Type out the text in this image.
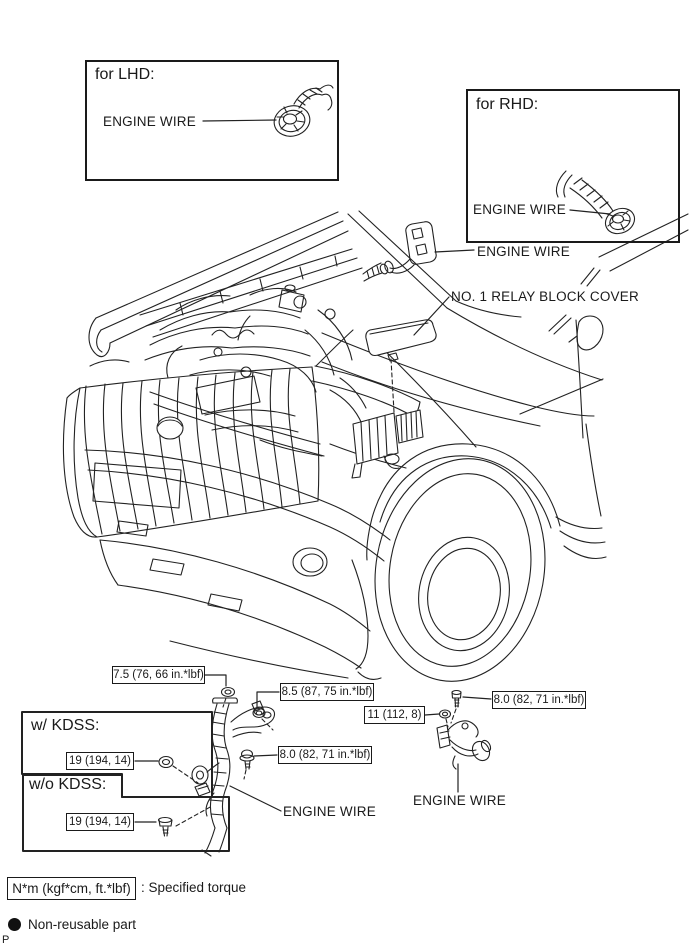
for LHD:
ENGINE WIRE
for RHD:
ENGINE WIRE
ENGINE WIRE
NO. 1 RELAY BLOCK COVER
7.5 (76, 66 in.*lbf)
8.5 (87, 75 in.*lbf)
11 (112, 8)
8.0 (82, 71 in.*lbf)
8.0 (82, 71 in.*lbf)
w/ KDSS:
19 (194, 14)
w/o KDSS:
19 (194, 14)
ENGINE WIRE
ENGINE WIRE
N*m (kgf*cm, ft.*lbf) : Specified torque
Non-reusable part
P
